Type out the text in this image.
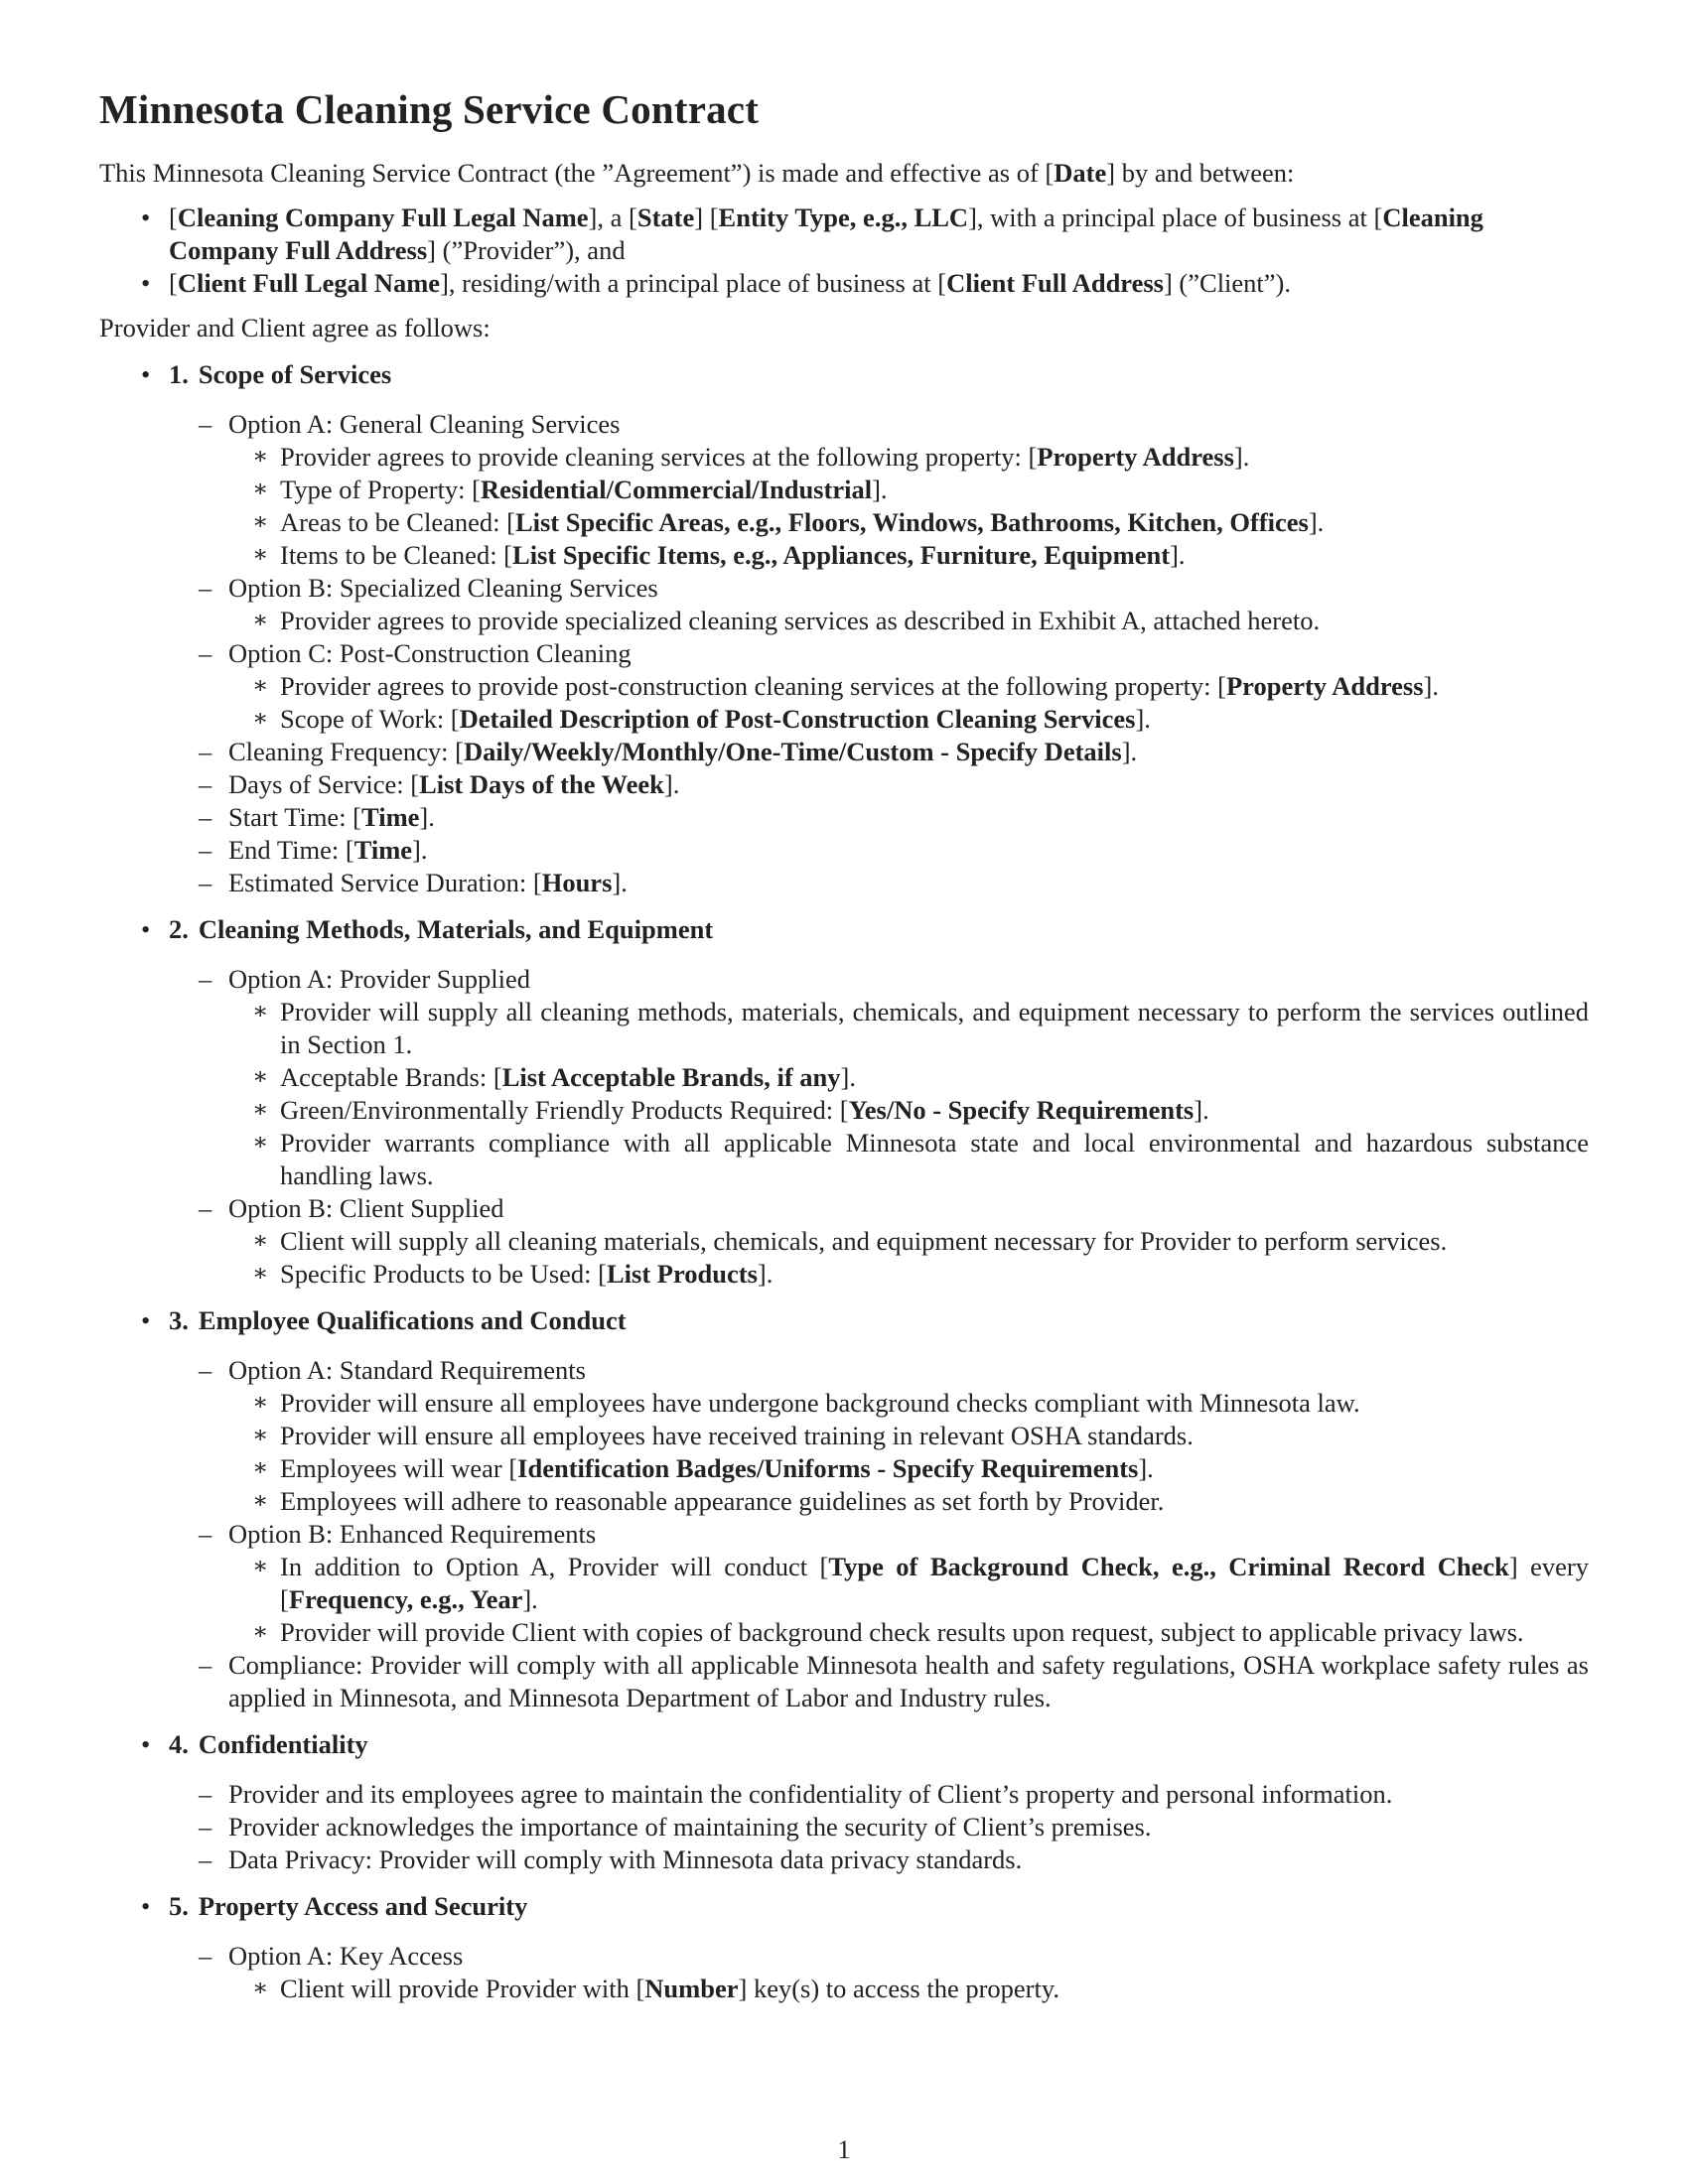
Minnesota Cleaning Service Contract
This Minnesota Cleaning Service Contract (the ”Agreement”) is made and effective as of [Date] by and between:
• [Cleaning Company Full Legal Name], a [State] [Entity Type, e.g., LLC], with a principal place of business at [Cleaning Company Full Address] (”Provider”), and
• [Client Full Legal Name], residing/with a principal place of business at [Client Full Address] (”Client”).
Provider and Client agree as follows:
• 1. Scope of Services
– Option A: General Cleaning Services
∗ Provider agrees to provide cleaning services at the following property: [Property Address].
∗ Type of Property: [Residential/Commercial/Industrial].
∗ Areas to be Cleaned: [List Specific Areas, e.g., Floors, Windows, Bathrooms, Kitchen, Offices].
∗ Items to be Cleaned: [List Specific Items, e.g., Appliances, Furniture, Equipment].
– Option B: Specialized Cleaning Services
∗ Provider agrees to provide specialized cleaning services as described in Exhibit A, attached hereto.
– Option C: Post-Construction Cleaning
∗ Provider agrees to provide post-construction cleaning services at the following property: [Property Address].
∗ Scope of Work: [Detailed Description of Post-Construction Cleaning Services].
– Cleaning Frequency: [Daily/Weekly/Monthly/One-Time/Custom - Specify Details].
– Days of Service: [List Days of the Week].
– Start Time: [Time].
– End Time: [Time].
– Estimated Service Duration: [Hours].
• 2. Cleaning Methods, Materials, and Equipment
– Option A: Provider Supplied
∗ Provider will supply all cleaning methods, materials, chemicals, and equipment necessary to perform the services outlined in Section 1.
∗ Acceptable Brands: [List Acceptable Brands, if any].
∗ Green/Environmentally Friendly Products Required: [Yes/No - Specify Requirements].
∗ Provider warrants compliance with all applicable Minnesota state and local environmental and hazardous substance handling laws.
– Option B: Client Supplied
∗ Client will supply all cleaning materials, chemicals, and equipment necessary for Provider to perform services.
∗ Specific Products to be Used: [List Products].
• 3. Employee Qualifications and Conduct
– Option A: Standard Requirements
∗ Provider will ensure all employees have undergone background checks compliant with Minnesota law.
∗ Provider will ensure all employees have received training in relevant OSHA standards.
∗ Employees will wear [Identification Badges/Uniforms - Specify Requirements].
∗ Employees will adhere to reasonable appearance guidelines as set forth by Provider.
– Option B: Enhanced Requirements
∗ In addition to Option A, Provider will conduct [Type of Background Check, e.g., Criminal Record Check] every [Frequency, e.g., Year].
∗ Provider will provide Client with copies of background check results upon request, subject to applicable privacy laws.
– Compliance: Provider will comply with all applicable Minnesota health and safety regulations, OSHA workplace safety rules as applied in Minnesota, and Minnesota Department of Labor and Industry rules.
• 4. Confidentiality
– Provider and its employees agree to maintain the confidentiality of Client’s property and personal information.
– Provider acknowledges the importance of maintaining the security of Client’s premises.
– Data Privacy: Provider will comply with Minnesota data privacy standards.
• 5. Property Access and Security
– Option A: Key Access
∗ Client will provide Provider with [Number] key(s) to access the property.
1
